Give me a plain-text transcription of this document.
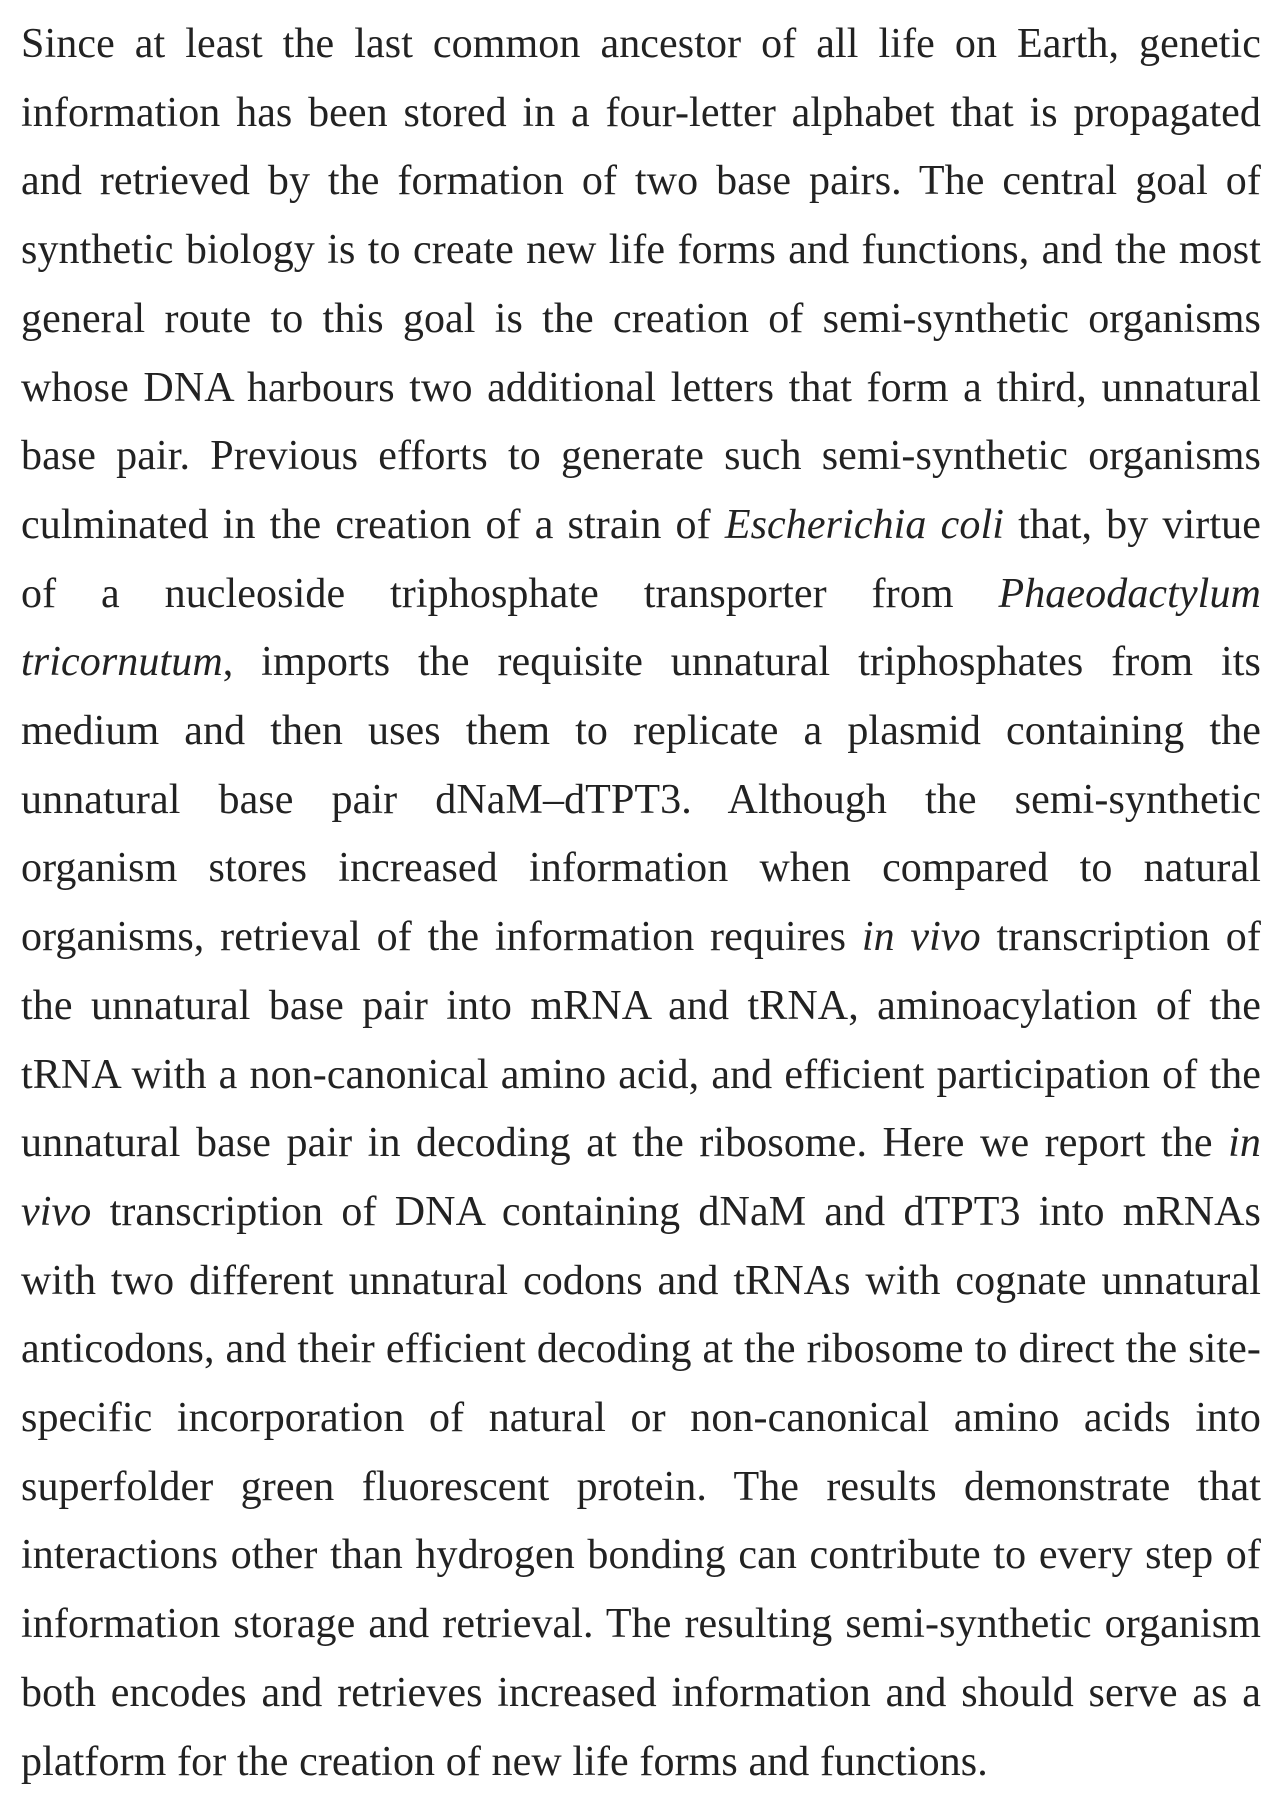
Since at least the last common ancestor of all life on Earth, genetic information has been stored in a four-letter alphabet that is propagated and retrieved by the formation of two base pairs. The central goal of synthetic biology is to create new life forms and functions, and the most general route to this goal is the creation of semi-synthetic organisms whose DNA harbours two additional letters that form a third, unnatural base pair. Previous efforts to generate such semi-synthetic organisms culminated in the creation of a strain of Escherichia coli that, by virtue of a nucleoside triphosphate transporter from Phaeodactylum tricornutum, imports the requisite unnatural triphosphates from its medium and then uses them to replicate a plasmid containing the unnatural base pair dNaM–dTPT3. Although the semi-synthetic organism stores increased information when compared to natural organisms, retrieval of the information requires in vivo transcription of the unnatural base pair into mRNA and tRNA, aminoacylation of the tRNA with a non-canonical amino acid, and efficient participation of the unnatural base pair in decoding at the ribosome. Here we report the in vivo transcription of DNA containing dNaM and dTPT3 into mRNAs with two different unnatural codons and tRNAs with cognate unnatural anticodons, and their efficient decoding at the ribosome to direct the site-specific incorporation of natural or non-canonical amino acids into superfolder green fluorescent protein. The results demonstrate that interactions other than hydrogen bonding can contribute to every step of information storage and retrieval. The resulting semi-synthetic organism both encodes and retrieves increased information and should serve as a platform for the creation of new life forms and functions.
